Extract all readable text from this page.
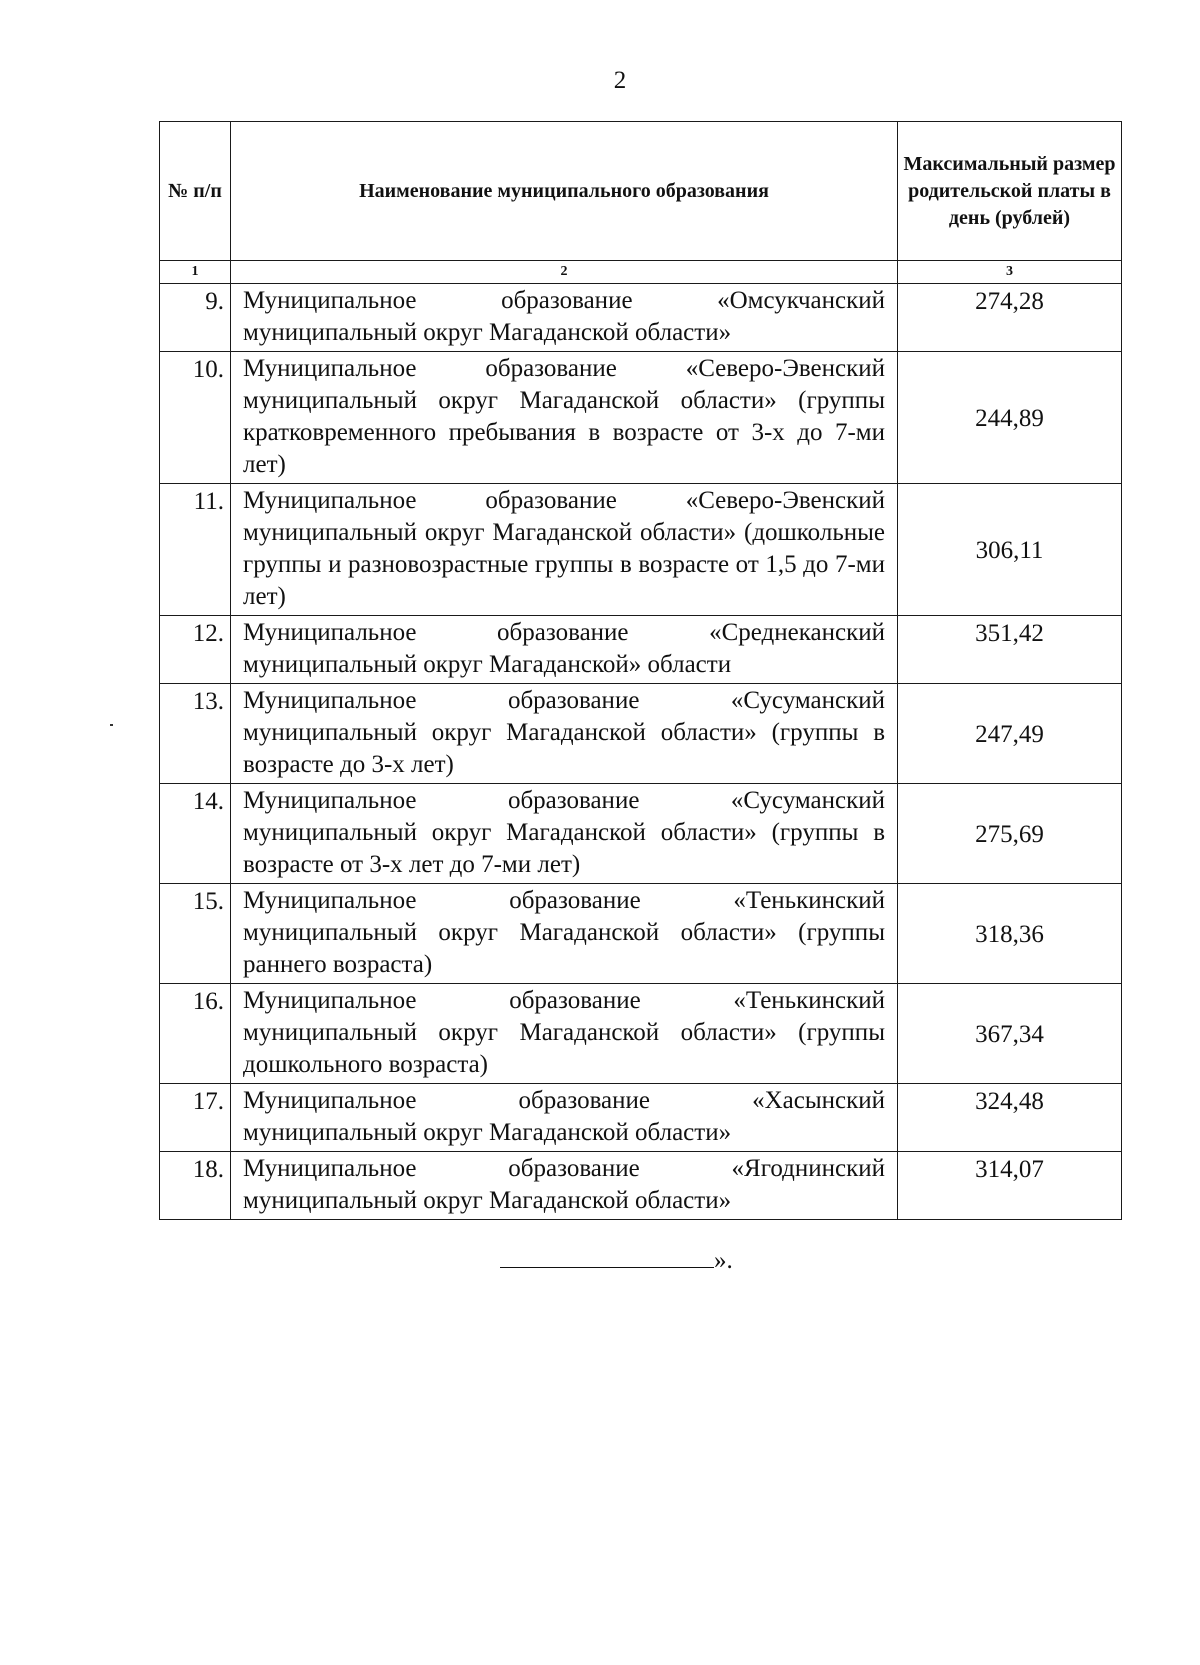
2
№ п/п	Наименование муниципального образования	Максимальный размер родительской платы в день (рублей)
1	2	3
9.	Муниципальное образование «Омсукчанский
муниципальный округ Магаданской области»	274,28
10.	Муниципальное образование «Северо-Эвенский
муниципальный округ Магаданской области» (группы кратковременного пребывания в возрасте от 3-х до 7-ми лет)	244,89
11.	Муниципальное образование «Северо-Эвенский
муниципальный округ Магаданской области» (дошкольные группы и разновозрастные группы в возрасте от 1,5 до 7-ми лет)	306,11
12.	Муниципальное образование «Среднеканский
муниципальный округ Магаданской» области	351,42
13.	Муниципальное образование «Сусуманский
муниципальный округ Магаданской области» (группы в возрасте до 3-х лет)	247,49
14.	Муниципальное образование «Сусуманский
муниципальный округ Магаданской области» (группы в возрасте от 3-х лет до 7-ми лет)	275,69
15.	Муниципальное образование «Тенькинский
муниципальный округ Магаданской области» (группы раннего возраста)	318,36
16.	Муниципальное образование «Тенькинский
муниципальный округ Магаданской области» (группы дошкольного возраста)	367,34
17.	Муниципальное образование «Хасынский
муниципальный округ Магаданской области»	324,48
18.	Муниципальное образование «Ягоднинский
муниципальный округ Магаданской области»	314,07
».
